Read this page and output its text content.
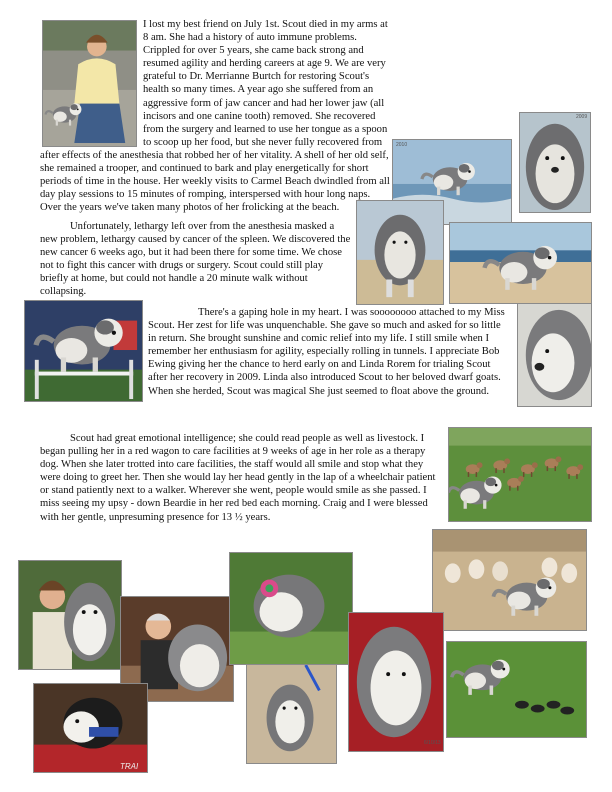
I lost my best friend on July 1st. Scout died in my arms at 8 am. She had a history of auto immune problems. Crippled for over 5 years, she came back strong and resumed agility and herding careers at age 9. We are very grateful to Dr. Merrianne Burtch for restoring Scout's health so many times. A year ago she suffered from an aggressive form of jaw cancer and had her lower jaw (all incisors and one canine tooth) removed. She recovered from the surgery and learned to use her tongue as a spoon to scoop up her food, but she never fully recovered from after effects of the anesthesia that robbed her of her vitality. A shell of her old self, she remained a trooper, and continued to bark and play energetically for short periods of time in the house. Her weekly visits to Carmel Beach dwindled from all day play sessions to 15 minutes of romping, interspersed with hour long naps. Over the years we've taken many photos of her frolicking at the beach.
Unfortunately, lethargy left over from the anesthesia masked a new problem, lethargy caused by cancer of the spleen. We discovered the new cancer 6 weeks ago, but it had been there for some time. We chose not to fight this cancer with drugs or surgery. Scout could still play briefly at home, but could not handle a 20 minute walk without collapsing.
There's a gaping hole in my heart. I was soooooooo attached to my Miss Scout. Her zest for life was unquenchable. She gave so much and asked for so little in return. She brought sunshine and comic relief into my life. I still smile when I remember her enthusiasm for agility, especially rolling in tunnels. I appreciate Bob Ewing giving her the chance to herd early on and Linda Rorem for trialing Scout after her recovery in 2009. Linda also introduced Scout to her beloved dwarf goats. When she herded, Scout was magical She just seemed to float above the ground.
Scout had great emotional intelligence; she could read people as well as livestock. I began pulling her in a red wagon to care facilities at 9 weeks of age in her role as a therapy dog. When she later trotted into care facilities, the staff would all smile and stop what they were doing to greet her. Then she would lay her head gently in the lap of a wheelchair patient or stand patiently next to a walker. Wherever she went, people would smile as she passed. I miss seeing my upsy - down Beardie in her red bed each morning. Craig and I were blessed with her gentle, unpresuming presence for 13 ½ years.
2010
2009
6/10/13
TRAI
